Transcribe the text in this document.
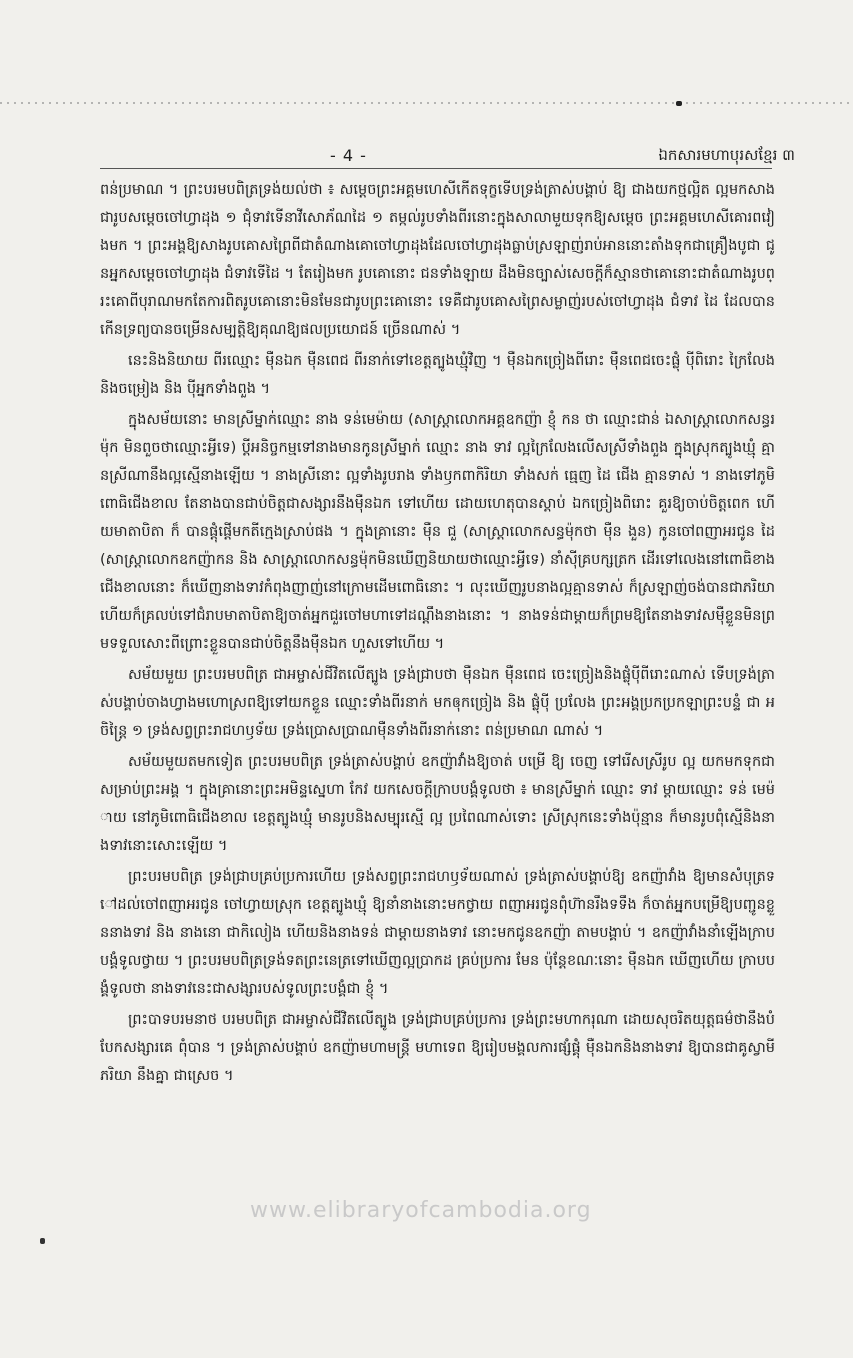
- 4 -	ឯកសារមហាបុរសខ្មែរ ៣

ពន់ប្រមាណ ។ ព្រះបរមបពិត្រទ្រង់យល់ថា ៖ សម្ដេចព្រះអគ្គមហេសីកើតទុក្ខទើបទ្រង់ត្រាស់បង្គាប់ ឱ្យ ជាងយកថ្មល្អិត ល្អមកសាងជារូបសម្ដេចចៅហ្វាដុង ១ ជុំទាវទើនាវីសោភ័ណដៃ ១ តម្កល់រូបទាំងពីរនោះក្នុងសាលាមួយទុកឱ្យសម្ដេច ព្រះអគ្គមហេសីគោរពវៀងមក ។ ព្រះអង្គឱ្យសាងរូបគោសព្រៃពីជាតំណាងគោចៅហ្វាដុងដែលចៅហ្វាដុងធ្លាប់ស្រឡាញ់រាប់អាននោះតាំងទុកជាគ្រឿងបូជា ជូនអ្នកសម្ដេចចៅហ្វាដុង ជំទាវទើដៃ ។ តែរៀងមក រូបគោនោះ ជនទាំងឡាយ ដឹងមិនច្បាស់សេចក្ដីក៏ស្មានថាគោនោះជាតំណាងរូបព្រះគោពីបុរាណមកតែការពិតរូបគោនោះមិនមែនជារូបព្រះគោនោះ ទេគឺជារូបគោសព្រៃសម្លាញ់របស់ចៅហ្វាដុង ជំទាវ ដៃ ដែលបានកើនទ្រព្យបានចម្រើនសម្បត្តិឱ្យគុណឱ្យផលប្រយោជន៍ ច្រើនណាស់ ។

នេះនិងនិយាយ ពីរឈ្មោះ ម៉ឺនឯក ម៉ឺនពេជ ពីរនាក់ទៅខេត្តត្បូងឃ្មុំវិញ ។ ម៉ឺនឯកច្រៀងពីរោះ ម៉ឺនពេជចេះផ្លុំ ប៉ីពិរោះ ក្រៃលែងនិងចម្រៀង និង ប៉ីអ្នកទាំងពួង ។

ក្នុងសម័យនោះ មានស្រីម្នាក់ឈ្មោះ នាង ទន់មេម៉ាយ (សាស្ត្រាលោកអគ្គឧកញ៉ា ខ្ញុំ កន ថា ឈ្មោះជាន់ ឯសាស្ត្រាលោកសន្ធរម៉ុក មិនពួចថាឈ្មោះអ្វីទេ) ប្ដីអនិច្ចកម្មទៅនាងមានកូនស្រីម្នាក់ ឈ្មោះ នាង ទាវ ល្អក្រៃលែងលើសស្រីទាំងពួង ក្នុងស្រុកត្បូងឃ្មុំ គ្មានស្រីណានឹងល្អស្មើនាងឡើយ ។ នាងស្រីនោះ ល្អទាំងរូបរាង ទាំងឫកពាកិរិយា ទាំងសក់ ធ្មេញ ដៃ ជើង គ្មានទាស់ ។ នាងទៅភូមិ ពោធិជើងខាល តែនាងបានជាប់ចិត្តជាសង្សារនឹងម៉ឺនឯក ទៅហើយ ដោយហេតុបានស្ដាប់ ឯកច្រៀងពិរោះ គួរឱ្យចាប់ចិត្តពេក ហើយមាតាបិតា ក៏ បានផ្ដុំផ្ដើមកតីក្មេងស្រាប់ផង ។ ក្នុងគ្រានោះ ម៉ឺន ជួ (សាស្ត្រាលោកសន្ធម៉ុកថា ម៉ឺន ងួន) កូនចៅពញាអរជូន ដៃ (សាស្ត្រាលោកឧកញ៉ាកន និង សាស្ត្រាលោកសន្ធម៉ុកមិនឃើញនិយាយថាឈ្មោះអ្វីទេ) នាំស៊ីគ្របក្សត្រក ដើរទៅលេងនៅពោធិខាងជើងខាលនោះ ក៏ឃើញនាងទាវកំពុងញាញ់នៅក្រោមដើមពោធិនោះ ។ លុះឃើញរូបនាងល្អគ្មានទាស់ ក៏ស្រឡាញ់ចង់បានជាភរិយាហើយក៏គ្រលប់ទៅជំរាបមាតាបិតាឱ្យចាត់អ្នកជួរចៅមហាទៅដណ្ដឹងនាងនោះ ។ នាងទន់ជាម្ដាយក៏ព្រមឱ្យតែនាងទាវសម៉ឺខ្លួនមិនព្រមទទួលសោះពីព្រោះខ្លួនបានជាប់ចិត្តនឹងម៉ឺនឯក ហួសទៅហើយ ។

សម័យមួយ ព្រះបរមបពិត្រ ជាអម្ចាស់ជីវិតលើត្បូង ទ្រង់ជ្រាបថា ម៉ឺនឯក ម៉ឺនពេជ ចេះច្រៀងនិងផ្លុំប៉ីពីរោះណាស់ ទើបទ្រង់ត្រាស់បង្គាប់ចាងហ្វាងមហោស្រពឱ្យទៅយកខ្លួន ឈ្មោះទាំងពីរនាក់ មកឲុកច្រៀង និង ផ្លុំប៉ី ប្រលែង ព្រះអង្គប្រកប្រកឡាព្រះបន្ទំ ជា អចិន្ត្រៃ ១ ទ្រង់សព្វព្រះរាជហឫទ័យ ទ្រង់ប្រោសប្រាណម៉ឺនទាំងពីរនាក់នោះ ពន់ប្រមាណ ណាស់ ។

សម័យមួយតមកទៀត ព្រះបរមបពិត្រ ទ្រង់ត្រាស់បង្គាប់ ឧកញ៉ាវាំងឱ្យចាត់ បម្រើ ឱ្យ ចេញ ទៅរើសស្រីរូប ល្អ យកមកទុកជាសម្រាប់ព្រះអង្គ ។ ក្នុងគ្រានោះព្រះអមិន្ទស្នេហា កែវ យកសេចក្ដីក្រាបបង្គំទូលថា ៖ មានស្រីម្នាក់ ឈ្មោះ ទាវ ម្ដាយឈ្មោះ ទន់ មេម៉ាយ នៅភូមិពោធិជើងខាល ខេត្តត្បូងឃ្មុំ មានរូបនិងសម្បុរស្មើ ល្អ ប្រពៃណាស់ទោះ ស្រីស្រុកនេះទាំងប៉ុន្មាន ក៏មានរូបពុំស្មើនិងនាងទាវនោះសោះឡើយ ។

ព្រះបរមបពិត្រ ទ្រង់ជ្រាបគ្រប់ប្រការហើយ ទ្រង់សព្វព្រះរាជហឫទ័យណាស់ ទ្រង់ត្រាស់បង្គាប់ឱ្យ ឧកញ៉ាវាំង ឱ្យមានសំបុត្រទៅដល់ចៅពញាអរជូន ចៅហ្វាយស្រុក ខេត្តត្បូងឃ្មុំ ឱ្យនាំនាងនោះមកថ្វាយ ពញាអរជូនពុំហ៊ានរឹងទទឹង ក៏ចាត់អ្នកបម្រើឱ្យបញ្ជូនខ្លួននាងទាវ និង នាងនោ ជាកិលៀង ហើយនិងនាងទន់ ជាម្ដាយនាងទាវ នោះមកជូនឧកញ៉ា តាមបង្គាប់ ។ ឧកញ៉ាវាំងនាំឡើងក្រាបបង្គំទូលថ្វាយ ។ ព្រះបរមបពិត្រទ្រង់ទតព្រះនេត្រទៅឃើញល្អប្រាកដ គ្រប់ប្រការ មែន ប៉ុន្តែខណៈនោះ ម៉ឺនឯក ឃើញហើយ ក្រាបបង្គំទូលថា នាងទាវនេះជាសង្សារបស់ទូលព្រះបង្គំជា ខ្ញុំ ។

ព្រះបាទបរមនាថ បរមបពិត្រ ជាអម្ចាស់ជីវិតលើត្បូង ទ្រង់ជ្រាបគ្រប់ប្រការ ទ្រង់ព្រះមហាករុណា ដោយសុចរិតយុត្តធម៌ថានឹងបំបែកសង្សារគេ ពុំបាន ។ ទ្រង់ត្រាស់បង្គាប់ ឧកញ៉ាមហាមន្ត្រី មហាទេព ឱ្យរៀបមង្គលការផ្សំផ្គុំ ម៉ឺនឯកនិងនាងទាវ ឱ្យបានជាគូស្វាមី ភរិយា នឹងគ្នា ជាស្រេច ។

www.elibraryofcambodia.org
